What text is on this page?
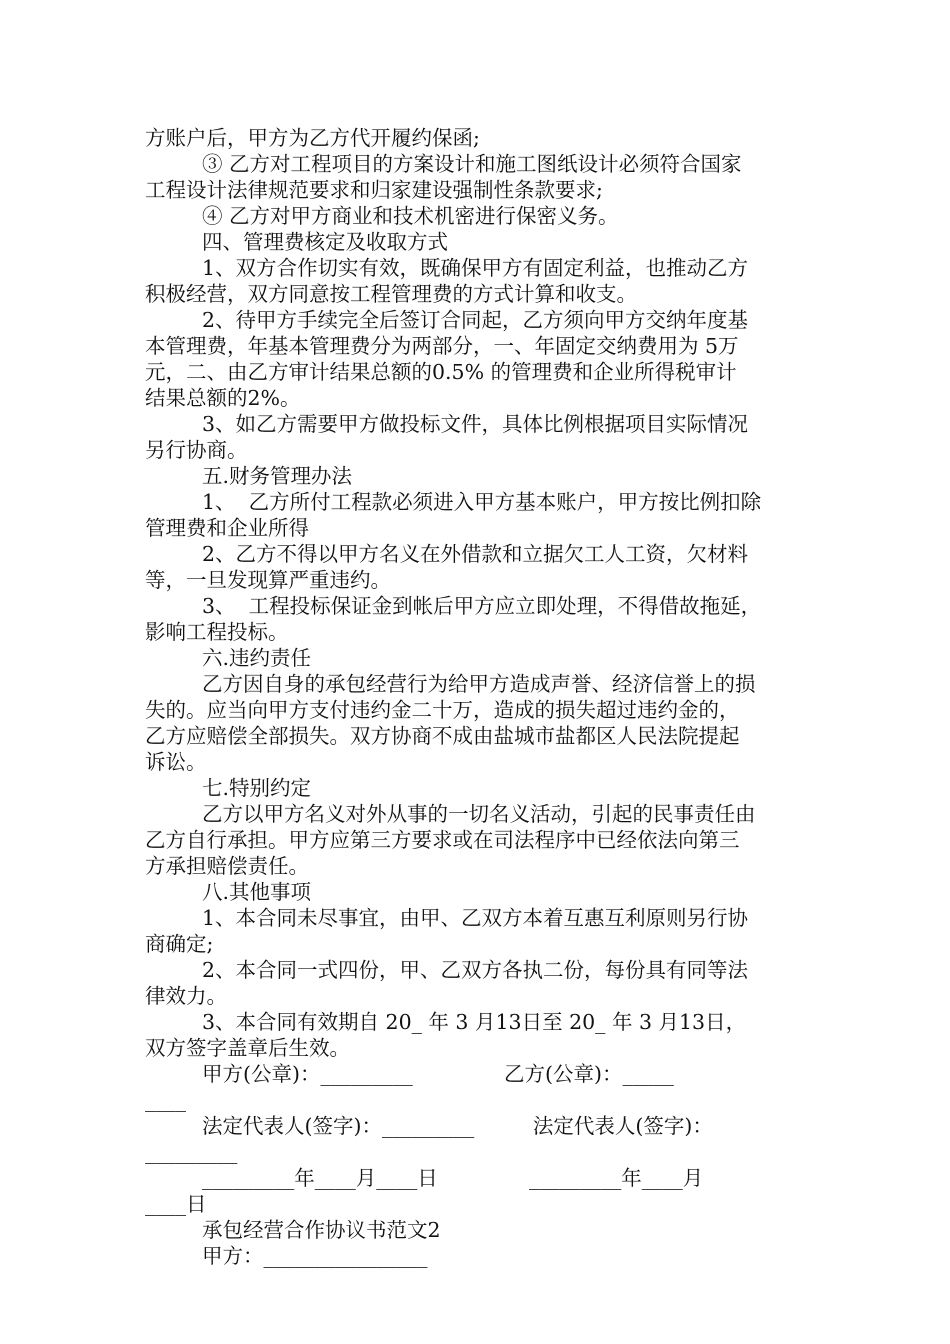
方账户后，甲方为乙方代开履约保函;
③ 乙方对工程项目的方案设计和施工图纸设计必须符合国家
工程设计法律规范要求和归家建设强制性条款要求;
④ 乙方对甲方商业和技术机密进行保密义务。
四、管理费核定及收取方式
1、双方合作切实有效，既确保甲方有固定利益，也推动乙方
积极经营，双方同意按工程管理费的方式计算和收支。
2、待甲方手续完全后签订合同起，乙方须向甲方交纳年度基
本管理费，年基本管理费分为两部分，一、年固定交纳费用为 5万
元，二、由乙方审计结果总额的0.5% 的管理费和企业所得税审计
结果总额的2%。
3、如乙方需要甲方做投标文件，具体比例根据项目实际情况
另行协商。
五.财务管理办法
1、  乙方所付工程款必须进入甲方基本账户，甲方按比例扣除
管理费和企业所得
2、乙方不得以甲方名义在外借款和立据欠工人工资，欠材料
等，一旦发现算严重违约。
3、  工程投标保证金到帐后甲方应立即处理，不得借故拖延，
影响工程投标。
六.违约责任
乙方因自身的承包经营行为给甲方造成声誉、经济信誉上的损
失的。应当向甲方支付违约金二十万，造成的损失超过违约金的，
乙方应赔偿全部损失。双方协商不成由盐城市盐都区人民法院提起
诉讼。
七.特别约定
乙方以甲方名义对外从事的一切名义活动，引起的民事责任由
乙方自行承担。甲方应第三方要求或在司法程序中已经依法向第三
方承担赔偿责任。
八.其他事项
1、本合同未尽事宜，由甲、乙双方本着互惠互利原则另行协
商确定;
2、本合同一式四份，甲、乙双方各执二份，每份具有同等法
律效力。
3、本合同有效期自 20_ 年 3 月13日至 20_ 年 3 月13日，
双方签字盖章后生效。
甲方(公章)：_________              乙方(公章)：_____
____
法定代表人(签字)：_________         法定代表人(签字)：
_________
_________年____月____日              _________年____月
____日
承包经营合作协议书范文2
甲方：________________
